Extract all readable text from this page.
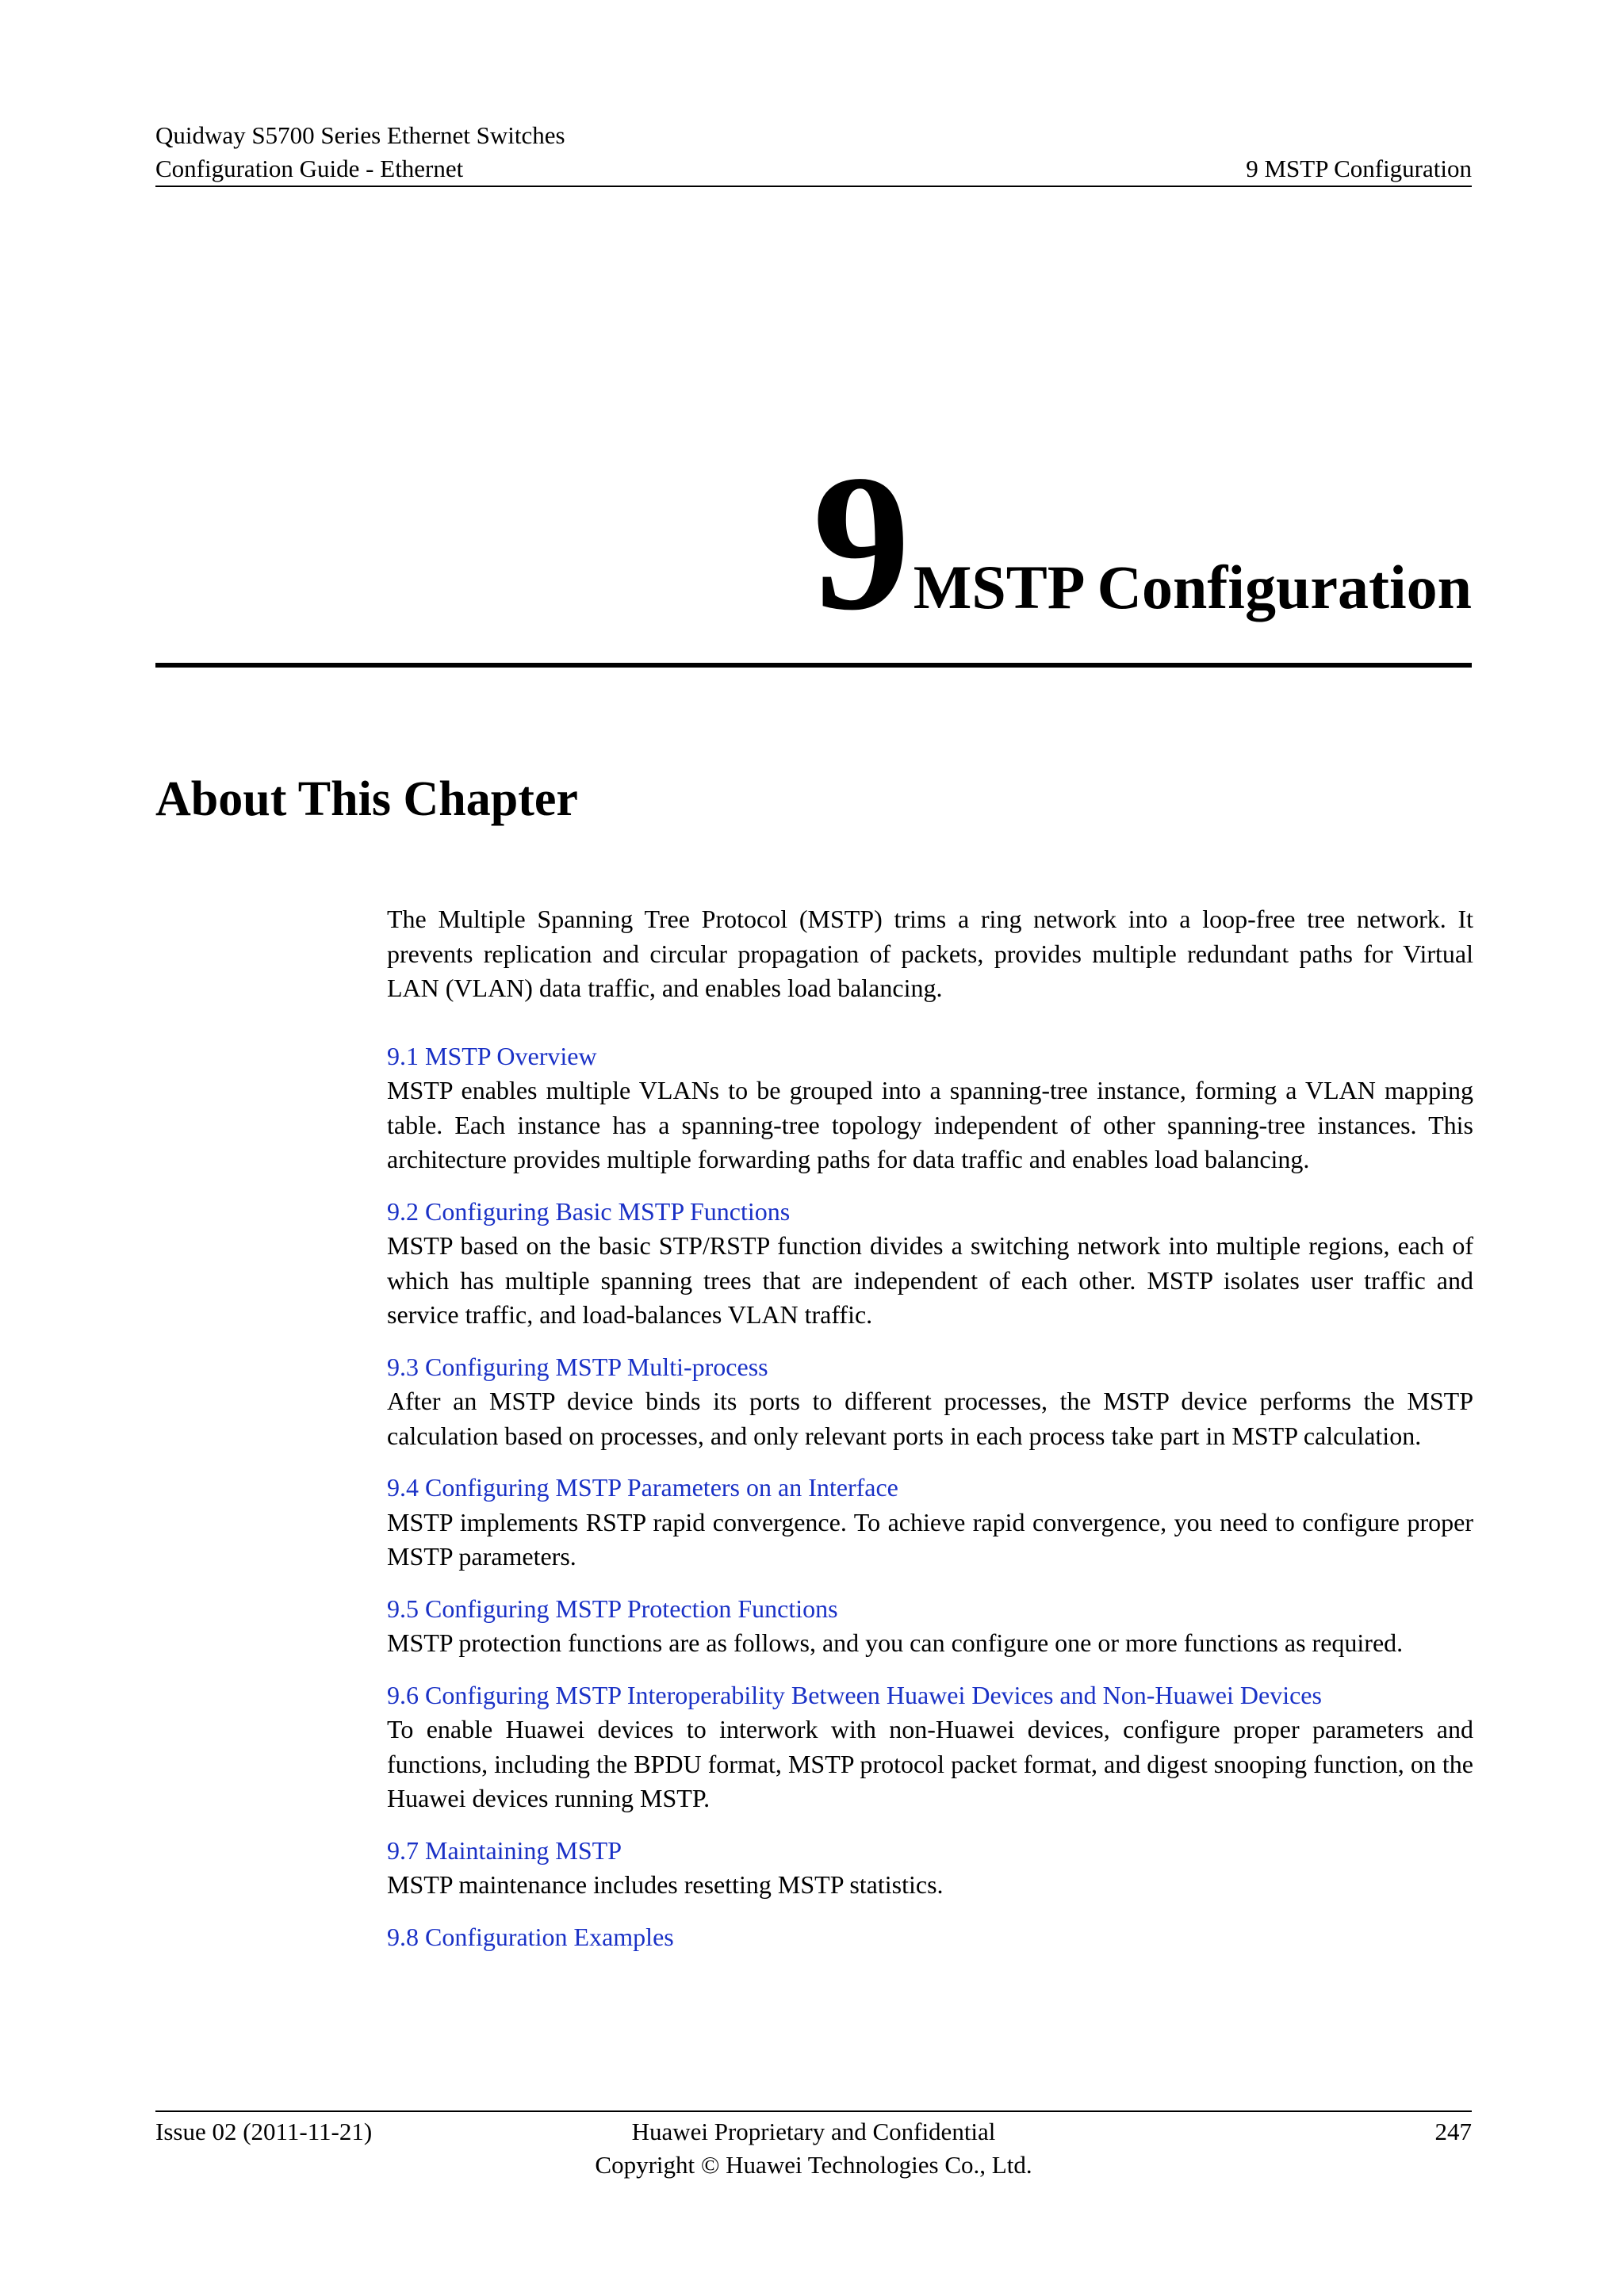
Quidway S5700 Series Ethernet Switches
Configuration Guide - Ethernet	9 MSTP Configuration
9MSTP Configuration
About This Chapter

The Multiple Spanning Tree Protocol (MSTP) trims a ring network into a loop-free tree network. It prevents replication and circular propagation of packets, provides multiple redundant paths for Virtual LAN (VLAN) data traffic, and enables load balancing.

9.1 MSTP Overview
MSTP enables multiple VLANs to be grouped into a spanning-tree instance, forming a VLAN mapping table. Each instance has a spanning-tree topology independent of other spanning-tree instances. This architecture provides multiple forwarding paths for data traffic and enables load balancing.
9.2 Configuring Basic MSTP Functions
MSTP based on the basic STP/RSTP function divides a switching network into multiple regions, each of which has multiple spanning trees that are independent of each other. MSTP isolates user traffic and service traffic, and load-balances VLAN traffic.
9.3 Configuring MSTP Multi-process
After an MSTP device binds its ports to different processes, the MSTP device performs the MSTP calculation based on processes, and only relevant ports in each process take part in MSTP calculation.
9.4 Configuring MSTP Parameters on an Interface
MSTP implements RSTP rapid convergence. To achieve rapid convergence, you need to configure proper MSTP parameters.
9.5 Configuring MSTP Protection Functions
MSTP protection functions are as follows, and you can configure one or more functions as required.
9.6 Configuring MSTP Interoperability Between Huawei Devices and Non-Huawei Devices
To enable Huawei devices to interwork with non-Huawei devices, configure proper parameters and functions, including the BPDU format, MSTP protocol packet format, and digest snooping function, on the Huawei devices running MSTP.
9.7 Maintaining MSTP
MSTP maintenance includes resetting MSTP statistics.
9.8 Configuration Examples
Issue 02 (2011-11-21)	Huawei Proprietary and Confidential
Copyright © Huawei Technologies Co., Ltd.
247
